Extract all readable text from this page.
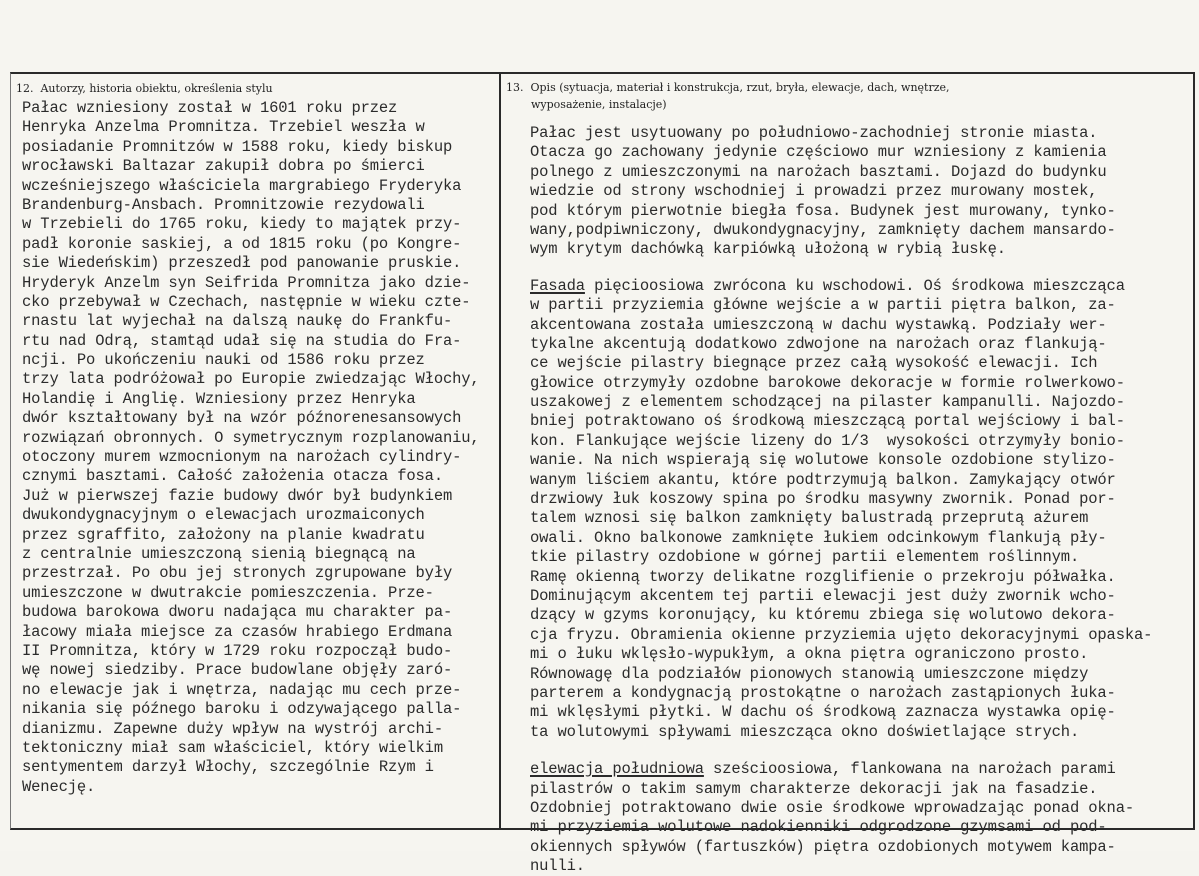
12.  Autorzy, historia obiektu, określenia stylu	13.  Opis (sytuacja, materiał i konstrukcja, rzut, bryła, elewacje, dach, wnętrze,
wyposażenie, instalacje)
Pałac wzniesiony został w 1601 roku przez
Henryka Anzelma Promnitza. Trzebiel weszła w
posiadanie Promnitzów w 1588 roku, kiedy biskup
wrocławski Baltazar zakupił dobra po śmierci
wcześniejszego właściciela margrabiego Fryderyka
Brandenburg-Ansbach. Promnitzowie rezydowali
w Trzebieli do 1765 roku, kiedy to majątek przy-
padł koronie saskiej, a od 1815 roku (po Kongre-
sie Wiedeńskim) przeszedł pod panowanie pruskie.
Hryderyk Anzelm syn Seifrida Promnitza jako dzie-
cko przebywał w Czechach, następnie w wieku czte-
rnastu lat wyjechał na dalszą naukę do Frankfu-
rtu nad Odrą, stamtąd udał się na studia do Fra-
ncji. Po ukończeniu nauki od 1586 roku przez
trzy lata podróżował po Europie zwiedzając Włochy,
Holandię i Anglię. Wzniesiony przez Henryka
dwór kształtowany był na wzór późnorenesansowych
rozwiązań obronnych. O symetrycznym rozplanowaniu,
otoczony murem wzmocnionym na narożach cylindry-
cznymi basztami. Całość założenia otacza fosa.
Już w pierwszej fazie budowy dwór był budynkiem
dwukondygnacyjnym o elewacjach urozmaiconych
przez sgraffito, założony na planie kwadratu
z centralnie umieszczoną sienią biegnącą na
przestrzał. Po obu jej stronych zgrupowane były
umieszczone w dwutrakcie pomieszczenia. Prze-
budowa barokowa dworu nadająca mu charakter pa-
łacowy miała miejsce za czasów hrabiego Erdmana
II Promnitza, który w 1729 roku rozpoczął budo-
wę nowej siedziby. Prace budowlane objęły zaró-
no elewacje jak i wnętrza, nadając mu cech prze-
nikania się późnego baroku i odzywającego palla-
dianizmu. Zapewne duży wpływ na wystrój archi-
tektoniczny miał sam właściciel, który wielkim
sentymentem darzył Włochy, szczególnie Rzym i
Wenecję.
Pałac jest usytuowany po południowo-zachodniej stronie miasta.
Otacza go zachowany jedynie częściowo mur wzniesiony z kamienia
polnego z umieszczonymi na narożach basztami. Dojazd do budynku
wiedzie od strony wschodniej i prowadzi przez murowany mostek,
pod którym pierwotnie biegła fosa. Budynek jest murowany, tynko-
wany,podpiwniczony, dwukondygnacyjny, zamknięty dachem mansardo-
wym krytym dachówką karpiówką ułożoną w rybią łuskę.
Fasada pięcioosiowa zwrócona ku wschodowi. Oś środkowa mieszcząca
w partii przyziemia główne wejście a w partii piętra balkon, za-
akcentowana została umieszczoną w dachu wystawką. Podziały wer-
tykalne akcentują dodatkowo zdwojone na narożach oraz flankują-
ce wejście pilastry biegnące przez całą wysokość elewacji. Ich
głowice otrzymyły ozdobne barokowe dekoracje w formie rolwerkowo-
uszakowej z elementem schodzącej na pilaster kampanulli. Najozdo-
bniej potraktowano oś środkową mieszczącą portal wejściowy i bal-
kon. Flankujące wejście lizeny do 1/3  wysokości otrzymyły bonio-
wanie. Na nich wspierają się wolutowe konsole ozdobione stylizo-
wanym liściem akantu, które podtrzymują balkon. Zamykający otwór
drzwiowy łuk koszowy spina po środku masywny zwornik. Ponad por-
talem wznosi się balkon zamknięty balustradą przeprutą ażurem
owali. Okno balkonowe zamknięte łukiem odcinkowym flankują pły-
tkie pilastry ozdobione w górnej partii elementem roślinnym.
Ramę okienną tworzy delikatne rozglifienie o przekroju półwałka.
Dominującym akcentem tej partii elewacji jest duży zwornik wcho-
dzący w gzyms koronujący, ku któremu zbiega się wolutowo dekora-
cja fryzu. Obramienia okienne przyziemia ujęto dekoracyjnymi opaska-
mi o łuku wklęsło-wypukłym, a okna piętra ograniczono prosto.
Równowagę dla podziałów pionowych stanowią umieszczone między
parterem a kondygnacją prostokątne o narożach zastąpionych łuka-
mi wklęsłymi płytki. W dachu oś środkową zaznacza wystawka opię-
ta wolutowymi spływami mieszcząca okno doświetlające strych.
elewacja południowa sześcioosiowa, flankowana na narożach parami
pilastrów o takim samym charakterze dekoracji jak na fasadzie.
Ozdobniej potraktowano dwie osie środkowe wprowadzając ponad okna-
mi przyziemia wolutowe nadokienniki odgrodzone gzymsami od pod-
okiennych spływów (fartuszków) piętra ozdobionych motywem kampa-
nulli.
